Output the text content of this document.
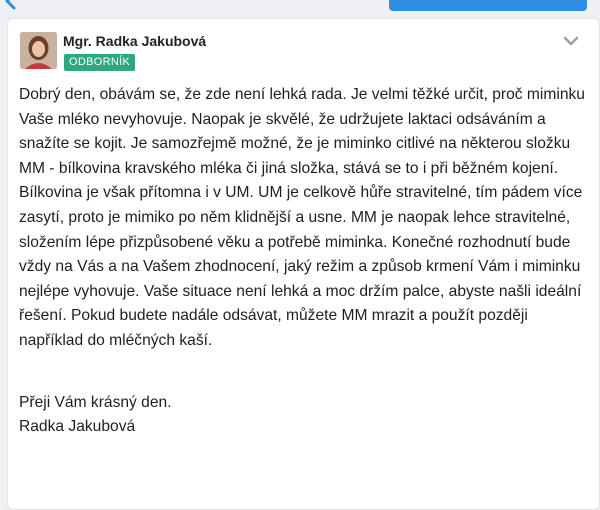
Mgr. Radka Jakubová
ODBORNÍK

Dobrý den, obávám se, že zde není lehká rada. Je velmi těžké určit, proč miminku Vaše mléko nevyhovuje. Naopak je skvělé, že udržujete laktaci odsáváním a snažíte se kojit. Je samozřejmě možné, že je miminko citlivé na některou složku MM - bílkovina kravského mléka či jiná složka, stává se to i při běžném kojení. Bílkovina je však přítomna i v UM. UM je celkově hůře stravitelné, tím pádem více zasytí, proto je mimiko po něm klidnější a usne. MM je naopak lehce stravitelné, složením lépe přizpůsobené věku a potřebě miminka. Konečné rozhodnutí bude vždy na Vás a na Vašem zhodnocení, jaký režim a způsob krmení Vám i miminku nejlépe vyhovuje. Vaše situace není lehká a moc držím palce, abyste našli ideální řešení. Pokud budete nadále odsávat, můžete MM mrazit a použít později například do mléčných kaší.

Přeji Vám krásný den.

Radka Jakubová
